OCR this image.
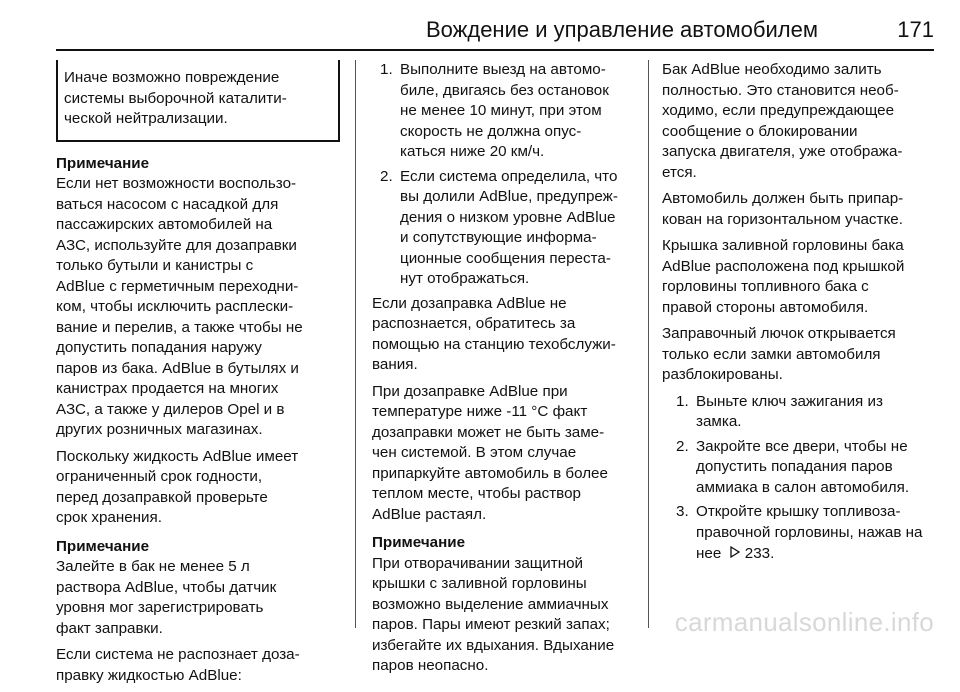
Вождение и управление автомобилем	171
Иначе возможно повреждение
системы выборочной каталити-
ческой нейтрализации.
Примечание
Если нет возможности воспользо-
ваться насосом с насадкой для
пассажирских автомобилей на
АЗС, используйте для дозаправки
только бутыли и канистры с
AdBlue с герметичным переходни-
ком, чтобы исключить расплески-
вание и перелив, а также чтобы не
допустить попадания наружу
паров из бака. AdBlue в бутылях и
канистрах продается на многих
АЗС, а также у дилеров Opel и в
других розничных магазинах.
Поскольку жидкость AdBlue имеет
ограниченный срок годности,
перед дозаправкой проверьте
срок хранения.
Примечание
Залейте в бак не менее 5 л
раствора AdBlue, чтобы датчик
уровня мог зарегистрировать
факт заправки.
Если система не распознает доза-
правку жидкостью AdBlue:
1. Выполните выезд на автомо-
биле, двигаясь без остановок
не менее 10 минут, при этом
скорость не должна опус-
каться ниже 20 км/ч.
2. Если система определила, что
вы долили AdBlue, предупреж-
дения о низком уровне AdBlue
и сопутствующие информа-
ционные сообщения переста-
нут отображаться.
Если дозаправка AdBlue не
распознается, обратитесь за
помощью на станцию техобслужи-
вания.
При дозаправке AdBlue при
температуре ниже -11 °C факт
дозаправки может не быть заме-
чен системой. В этом случае
припаркуйте автомобиль в более
теплом месте, чтобы раствор
AdBlue растаял.
Примечание
При отворачивании защитной
крышки с заливной горловины
возможно выделение аммиачных
паров. Пары имеют резкий запах;
избегайте их вдыхания. Вдыхание
паров неопасно.
Бак AdBlue необходимо залить
полностью. Это становится необ-
ходимо, если предупреждающее
сообщение о блокировании
запуска двигателя, уже отобража-
ется.
Автомобиль должен быть припар-
кован на горизонтальном участке.
Крышка заливной горловины бака
AdBlue расположена под крышкой
горловины топливного бака с
правой стороны автомобиля.
Заправочный лючок открывается
только если замки автомобиля
разблокированы.
1. Выньте ключ зажигания из
замка.
2. Закройте все двери, чтобы не
допустить попадания паров
аммиака в салон автомобиля.
3. Откройте крышку топливоза-
правочной горловины, нажав на
нее 233.
carmanualsonline.info
